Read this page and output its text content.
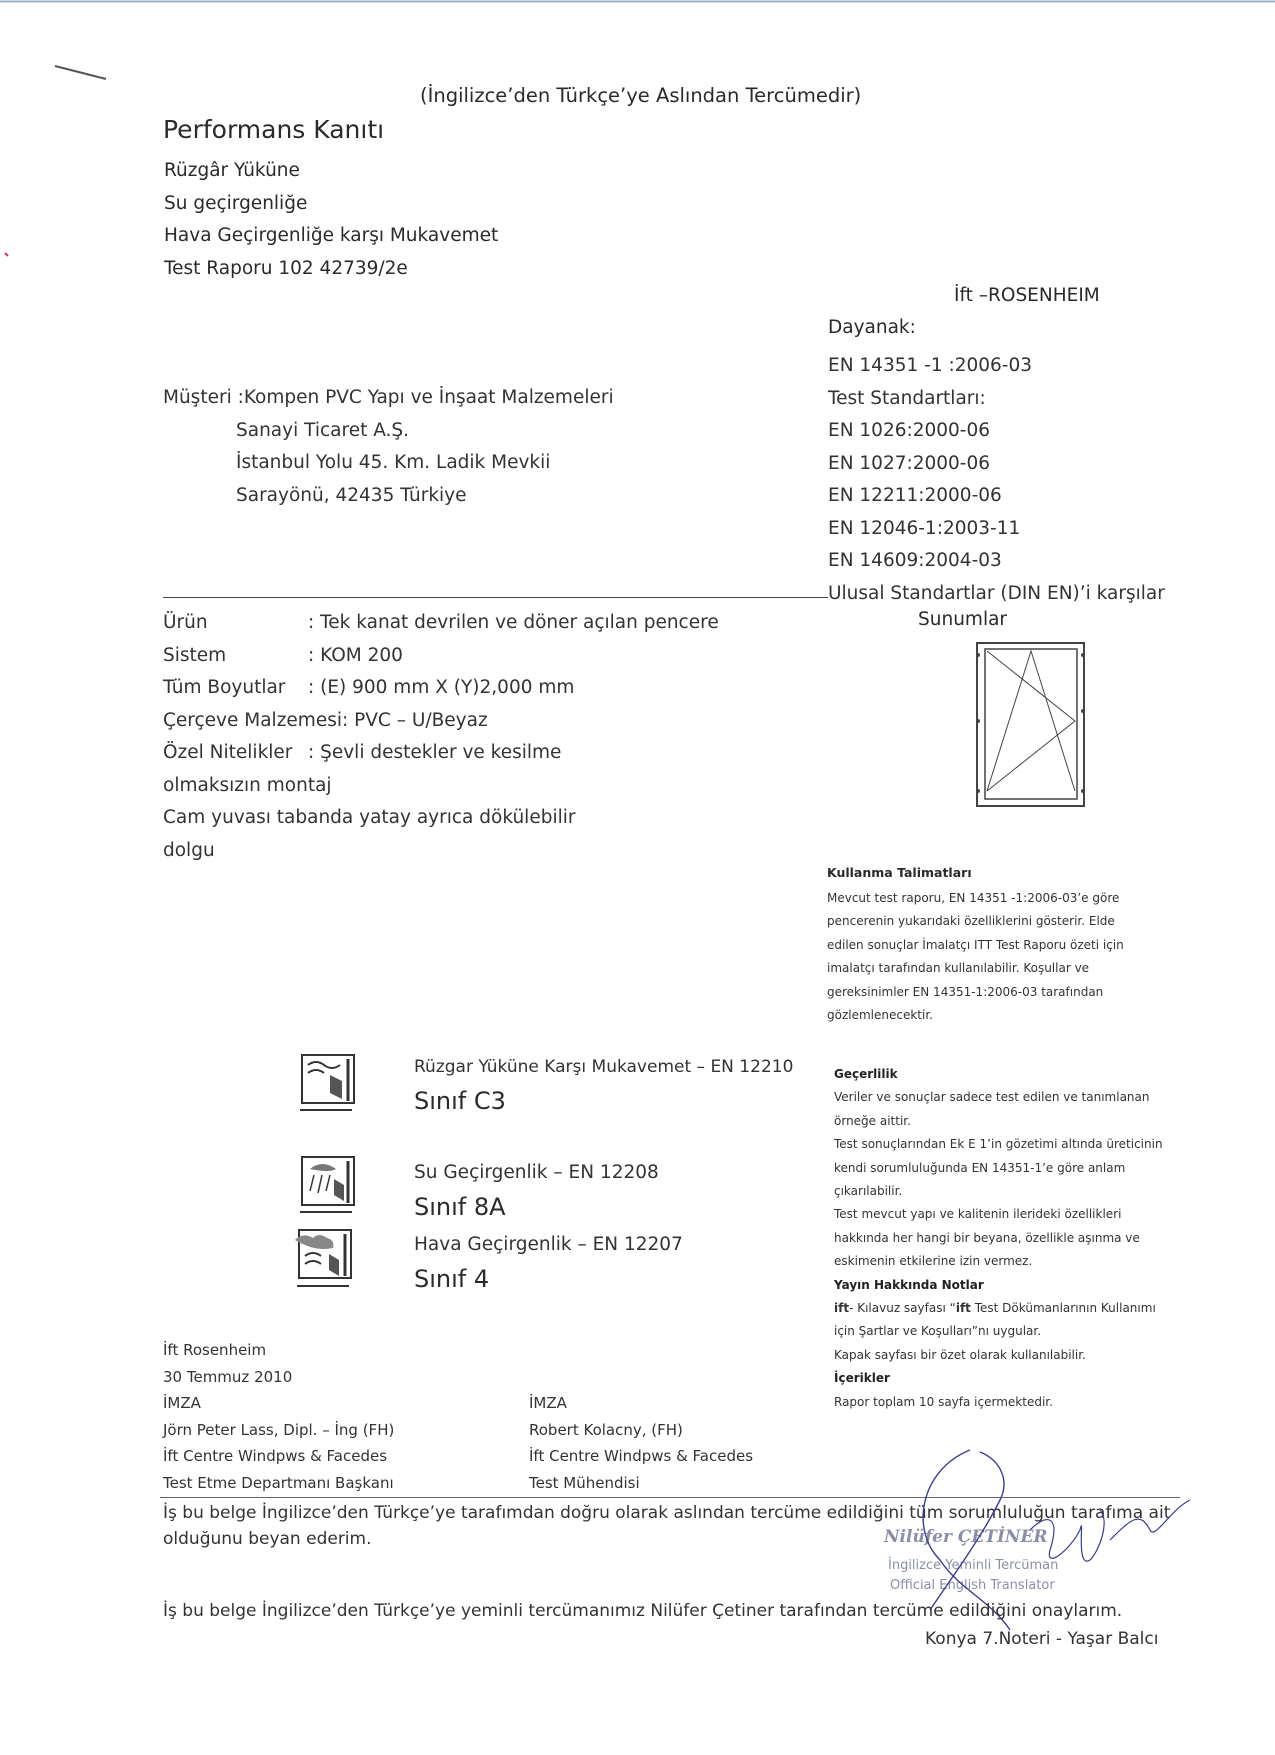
(İngilizce’den Türkçe’ye Aslından Tercümedir)
Performans Kanıtı
Rüzgâr Yüküne
Su geçirgenliğe
Hava Geçirgenliğe karşı Mukavemet
Test Raporu 102 42739/2e
İft –ROSENHEIM
Dayanak:
EN 14351 -1 :2006-03
Test Standartları:
EN 1026:2000-06
EN 1027:2000-06
EN 12211:2000-06
EN 12046-1:2003-11
EN 14609:2004-03
Ulusal Standartlar (DIN EN)’i karşılar
Müşteri :Kompen PVC Yapı ve İnşaat Malzemeleri
Sanayi Ticaret A.Ş.
İstanbul Yolu 45. Km. Ladik Mevkii
Sarayönü, 42435 Türkiye
Ürün	: Tek kanat devrilen ve döner açılan pencere
Sistem	: KOM 200
Tüm Boyutlar : (E) 900 mm X (Y)2,000 mm
Çerçeve Malzemesi: PVC – U/Beyaz
Özel Nitelikler : Şevli destekler ve kesilme
olmaksızın montaj
Cam yuvası tabanda yatay ayrıca dökülebilir
dolgu
Sunumlar
Kullanma Talimatları
Mevcut test raporu, EN 14351 -1:2006-03’e göre
pencerenin yukarıdaki özelliklerini gösterir. Elde
edilen sonuçlar İmalatçı ITT Test Raporu özeti için
imalatçı tarafından kullanılabilir. Koşullar ve
gereksinimler EN 14351-1:2006-03 tarafından
gözlemlenecektir.
Rüzgar Yüküne Karşı Mukavemet – EN 12210
Sınıf C3
Su Geçirgenlik – EN 12208
Sınıf 8A
Hava Geçirgenlik – EN 12207
Sınıf 4
Geçerlilik
Veriler ve sonuçlar sadece test edilen ve tanımlanan
örneğe aittir.
Test sonuçlarından Ek E 1’in gözetimi altında üreticinin
kendi sorumluluğunda EN 14351-1’e göre anlam
çıkarılabilir.
Test mevcut yapı ve kalitenin ilerideki özellikleri
hakkında her hangi bir beyana, özellikle aşınma ve
eskimenin etkilerine izin vermez.
Yayın Hakkında Notlar
ift- Kılavuz sayfası “ift Test Dökümanlarının Kullanımı
için Şartlar ve Koşulları”nı uygular.
Kapak sayfası bir özet olarak kullanılabilir.
İçerikler
Rapor toplam 10 sayfa içermektedir.
İft Rosenheim
30 Temmuz 2010
İMZA
Jörn Peter Lass, Dipl. – İng (FH)
İft Centre Windpws & Facedes
Test Etme Departmanı Başkanı
İMZA
Robert Kolacny, (FH)
İft Centre Windpws & Facedes
Test Mühendisi
İş bu belge İngilizce’den Türkçe’ye tarafımdan doğru olarak aslından tercüme edildiğini tüm sorumluluğun tarafıma ait
olduğunu beyan ederim.	Nilüfer ÇETİNER
İngilizce Yeminli Tercüman
Official English Translator
İş bu belge İngilizce’den Türkçe’ye yeminli tercümanımız Nilüfer Çetiner tarafından tercüme edildiğini onaylarım.
Konya 7.Noteri - Yaşar Balcı
